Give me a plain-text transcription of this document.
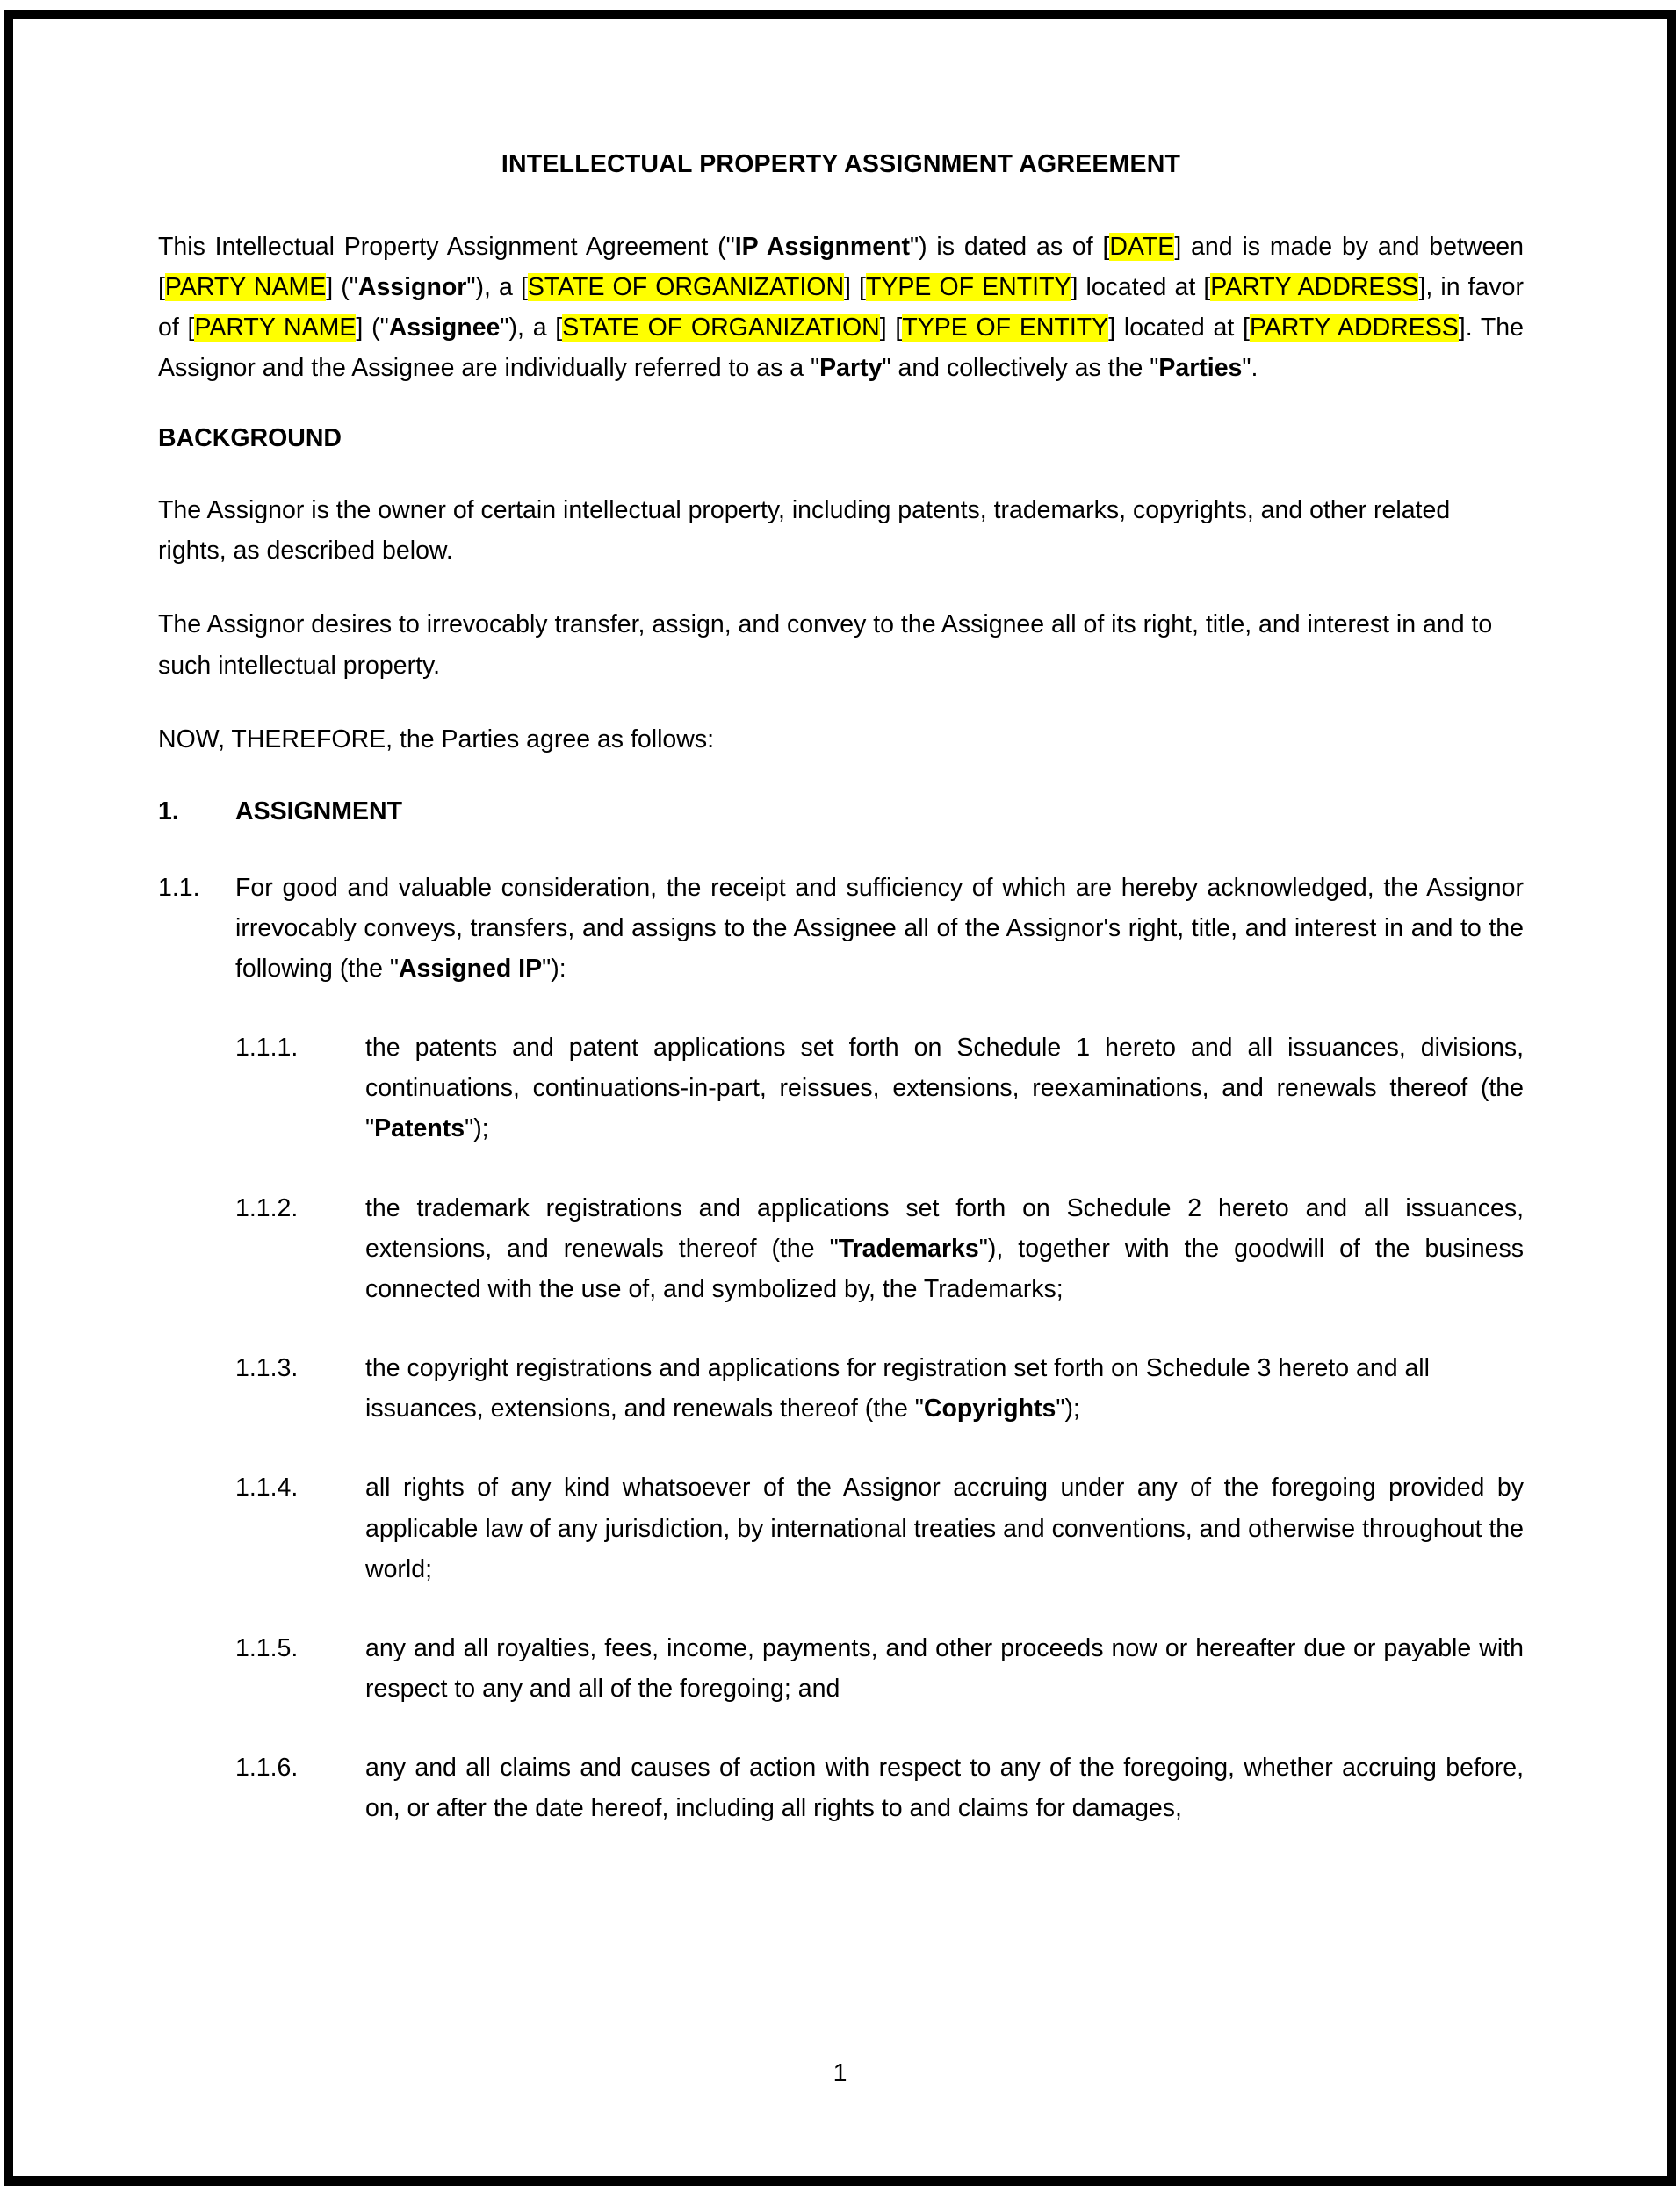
INTELLECTUAL PROPERTY ASSIGNMENT AGREEMENT

This Intellectual Property Assignment Agreement ("IP Assignment") is dated as of [DATE] and is made by and between [PARTY NAME] ("Assignor"), a [STATE OF ORGANIZATION] [TYPE OF ENTITY] located at [PARTY ADDRESS], in favor of [PARTY NAME] ("Assignee"), a [STATE OF ORGANIZATION] [TYPE OF ENTITY] located at [PARTY ADDRESS]. The Assignor and the Assignee are individually referred to as a "Party" and collectively as the "Parties".

BACKGROUND

The Assignor is the owner of certain intellectual property, including patents, trademarks, copyrights, and other related rights, as described below.

The Assignor desires to irrevocably transfer, assign, and convey to the Assignee all of its right, title, and interest in and to such intellectual property.

NOW, THEREFORE, the Parties agree as follows:

1.	ASSIGNMENT
1.1.	For good and valuable consideration, the receipt and sufficiency of which are hereby acknowledged, the Assignor irrevocably conveys, transfers, and assigns to the Assignee all of the Assignor's right, title, and interest in and to the following (the "Assigned IP"):
1.1.1.	the patents and patent applications set forth on Schedule 1 hereto and all issuances, divisions, continuations, continuations-in-part, reissues, extensions, reexaminations, and renewals thereof (the "Patents");
1.1.2.	the trademark registrations and applications set forth on Schedule 2 hereto and all issuances, extensions, and renewals thereof (the "Trademarks"), together with the goodwill of the business connected with the use of, and symbolized by, the Trademarks;
1.1.3.	the copyright registrations and applications for registration set forth on Schedule 3 hereto and all issuances, extensions, and renewals thereof (the "Copyrights");
1.1.4.	all rights of any kind whatsoever of the Assignor accruing under any of the foregoing provided by applicable law of any jurisdiction, by international treaties and conventions, and otherwise throughout the world;
1.1.5.	any and all royalties, fees, income, payments, and other proceeds now or hereafter due or payable with respect to any and all of the foregoing; and
1.1.6.	any and all claims and causes of action with respect to any of the foregoing, whether accruing before, on, or after the date hereof, including all rights to and claims for damages,
1
